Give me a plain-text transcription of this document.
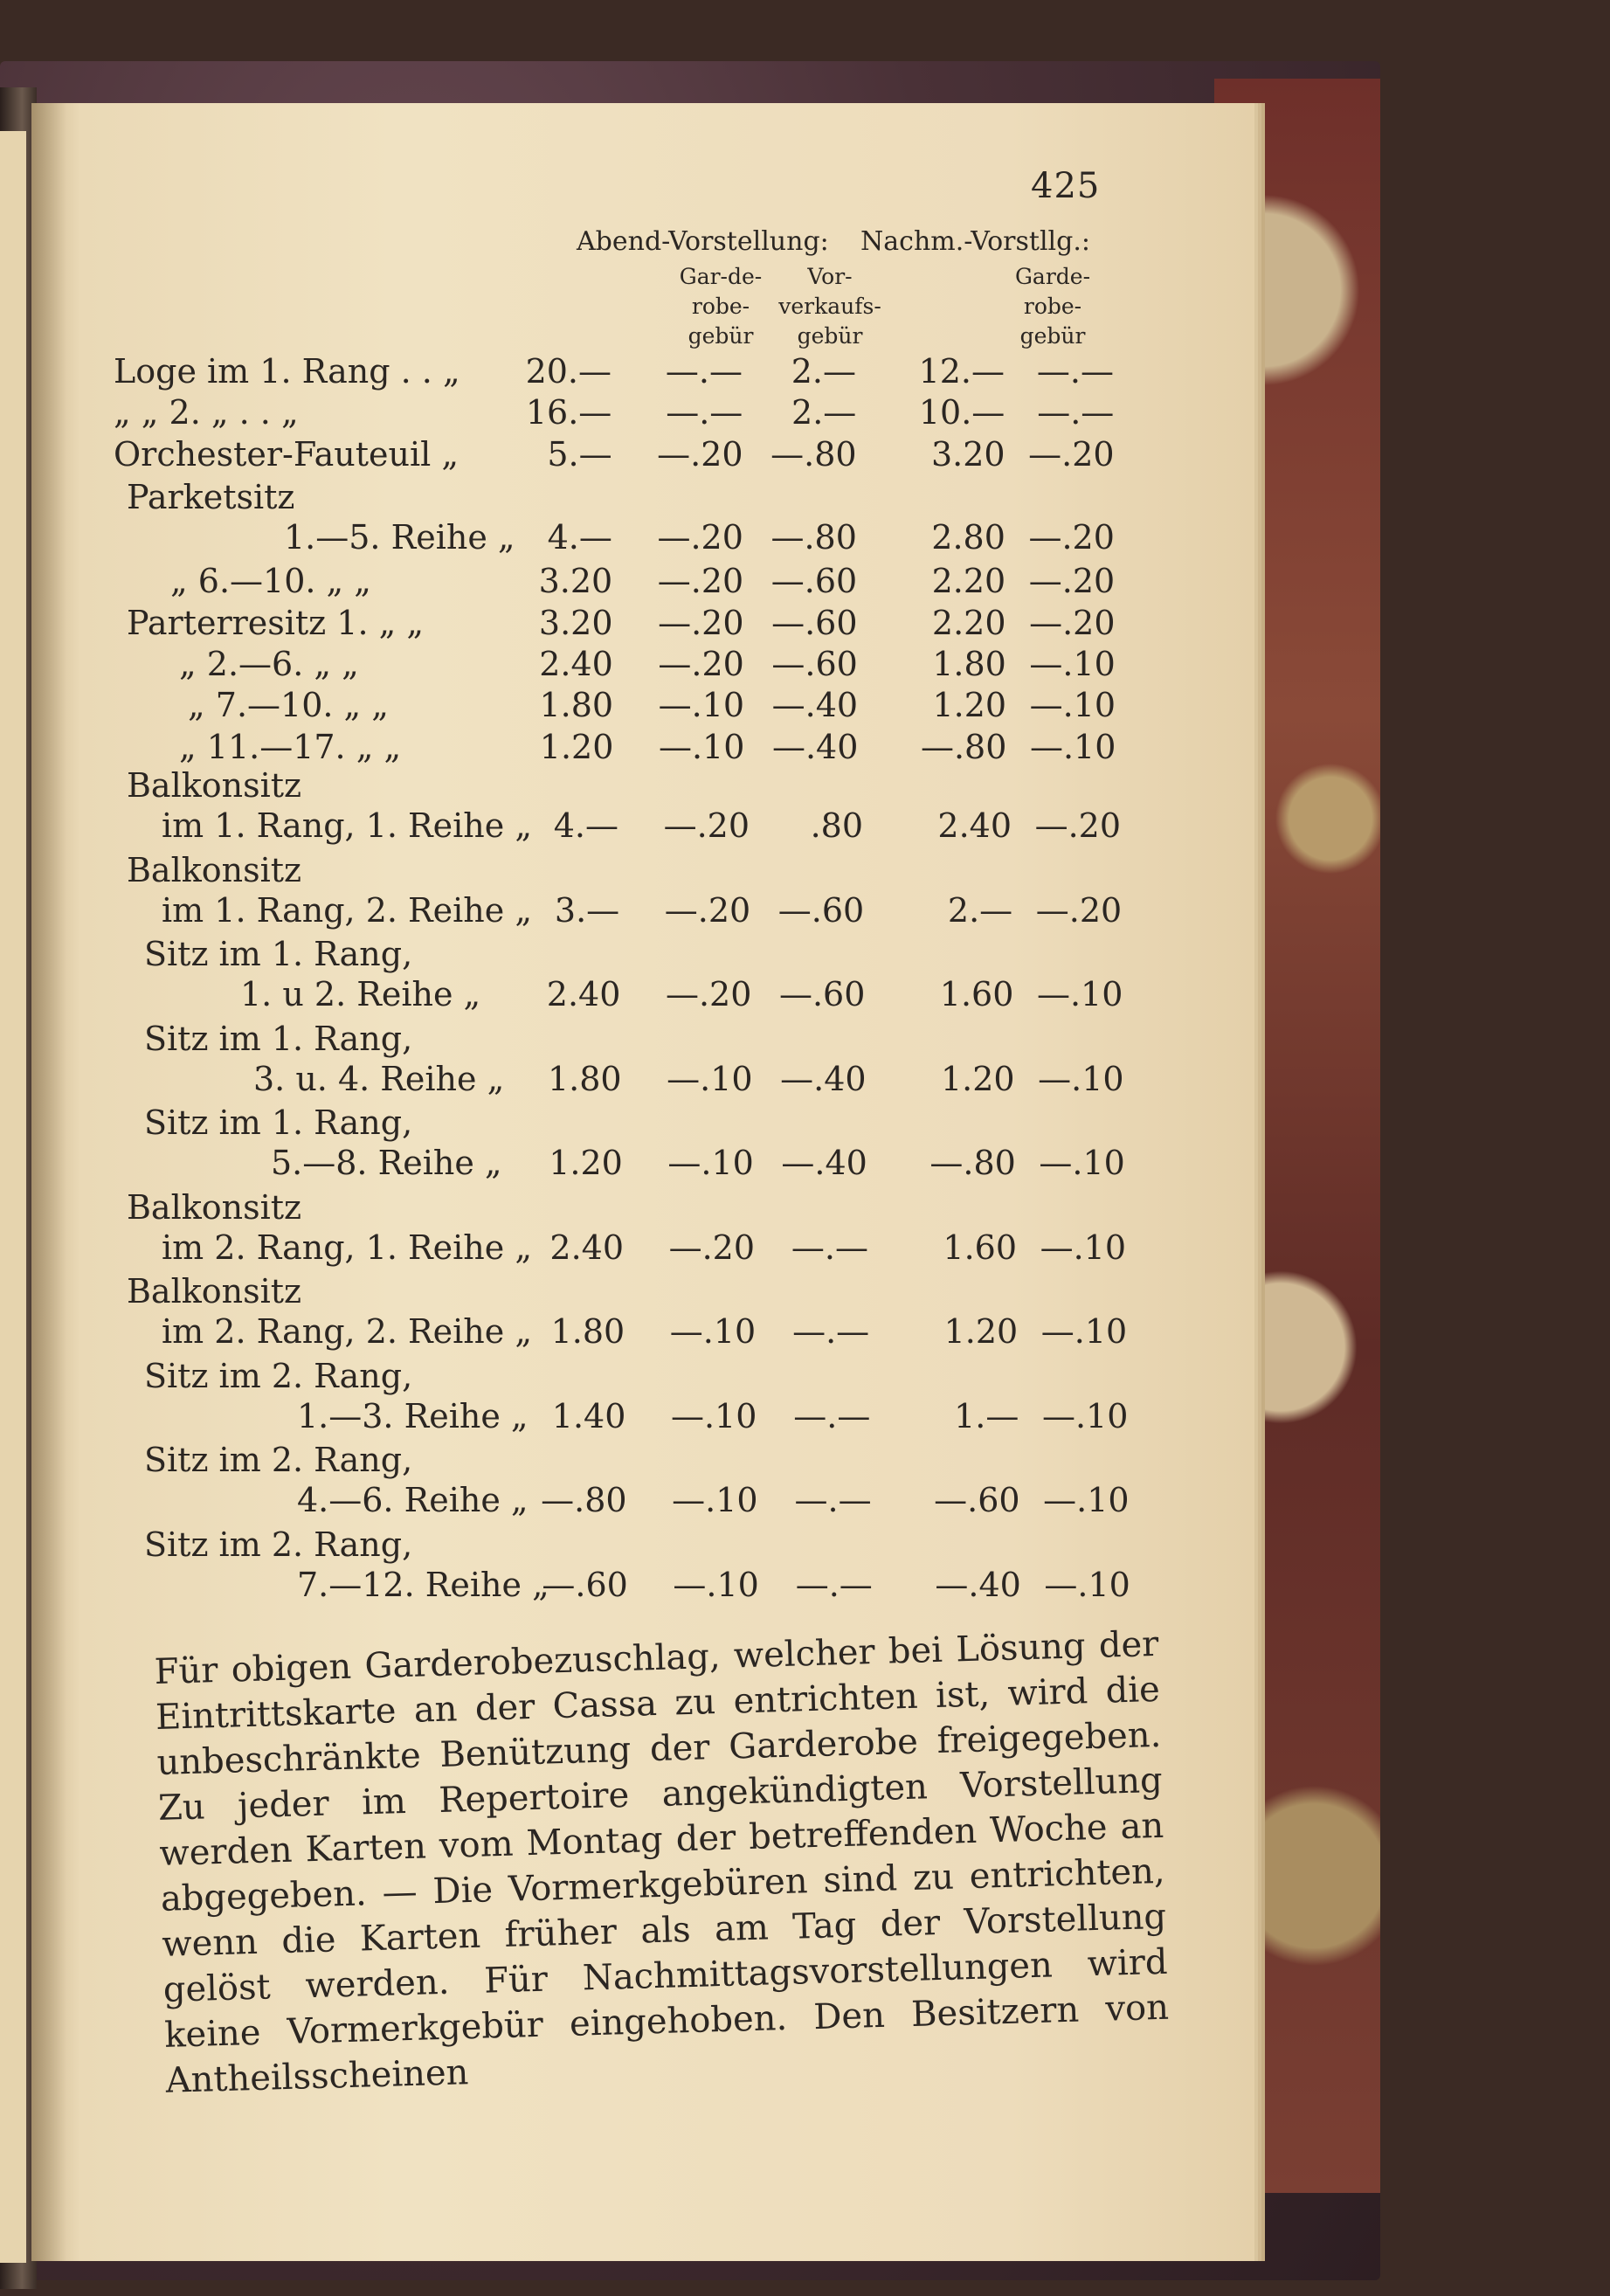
425
Abend-Vorstellung: Nachm.-Vorstllg.:
Gar-de-
robe-
gebür
Vor-
verkaufs-
gebür
Garde-
robe-
gebür
Loge im 1. Rang . . „	20.—	—.—	2.—	12.— —.—
„ „ 2. „ . . „	16.—	—.—	2.—	10.— —.—
Orchester-Fauteuil „	5.—	—.20 —.80	3.20 —.20
Parketsitz
1.—5. Reihe „ 4.—	—.20 —.80	2.80 —.20
„ 6.—10. „ „	3.20	—.20 —.60	2.20 —.20
Parterresitz 1. „ „	3.20	—.20 —.60	2.20 —.20
„ 2.—6. „ „	2.40	—.20 —.60	1.80 —.10
„ 7.—10. „ „	1.80	—.10 —.40	1.20 —.10
„ 11.—17. „ „	1.20	—.10 —.40	—.80 —.10
Balkonsitz
im 1. Rang, 1. Reihe „ 4.—	—.20	.80	2.40 —.20
Balkonsitz
im 1. Rang, 2. Reihe „ 3.—	—.20 —.60	2.— —.20
Sitz im 1. Rang,
1. u 2. Reihe „	2.40	—.20 —.60	1.60 —.10
Sitz im 1. Rang,
3. u. 4. Reihe „	1.80	—.10 —.40	1.20 —.10
Sitz im 1. Rang,
5.—8. Reihe „	1.20	—.10 —.40	—.80 —.10
Balkonsitz
im 2. Rang, 1. Reihe „ 2.40	—.20	—.—	1.60 —.10
Balkonsitz
im 2. Rang, 2. Reihe „ 1.80	—.10	—.—	1.20 —.10
Sitz im 2. Rang,
1.—3. Reihe „ 1.40	—.10	—.—	1.— —.10
Sitz im 2. Rang,
4.—6. Reihe „ —.80	—.10	—.—	—.60 —.10
Sitz im 2. Rang,
7.—12. Reihe „
—.60	—.10	—.—	—.40 —.10

Für obigen Garderobezuschlag, welcher bei Lösung der Eintrittskarte an der Cassa zu entrichten ist, wird die unbeschränkte Benützung der Garderobe freigegeben. Zu jeder im Repertoire angekündigten Vorstellung werden Karten vom Montag der betreffenden Woche an abgegeben. — Die Vormerkgebüren sind zu entrichten, wenn die Karten früher als am Tag der Vorstellung gelöst werden. Für Nachmittagsvorstellungen wird keine Vormerkgebür eingehoben. Den Besitzern von Antheilsscheinen
